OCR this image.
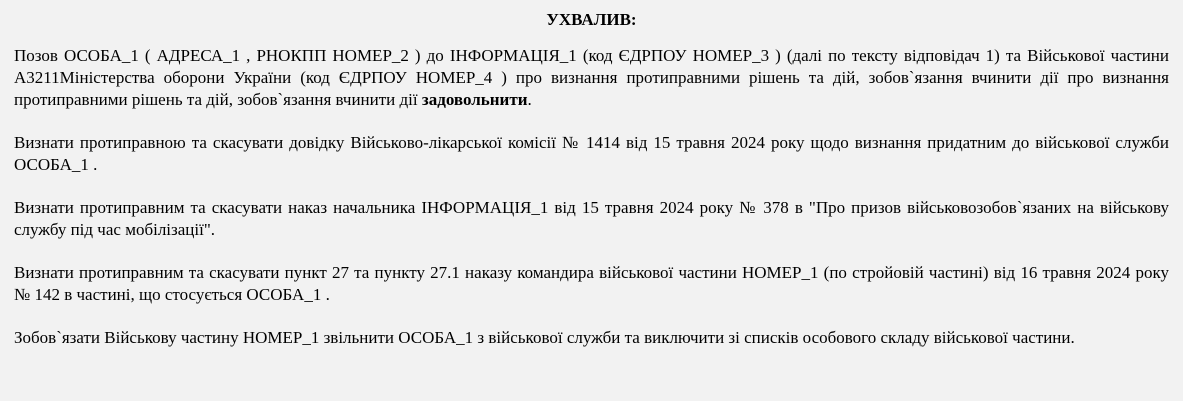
УХВАЛИВ:

Позов ОСОБА_1 ( АДРЕСА_1 , РНОКПП НОМЕР_2 ) до ІНФОРМАЦІЯ_1 (код ЄДРПОУ НОМЕР_3 ) (далі по тексту відповідач 1) та Військової частини А3211Міністерства оборони України (код ЄДРПОУ НОМЕР_4 ) про визнання протиправними рішень та дій, зобов`язання вчинити дії про визнання протиправними рішень та дій, зобов`язання вчинити дії задовольнити.

Визнати протиправною та скасувати довідку Військово-лікарської комісії № 1414 від 15 травня 2024 року щодо визнання придатним до військової служби ОСОБА_1 .

Визнати протиправним та скасувати наказ начальника ІНФОРМАЦІЯ_1 від 15 травня 2024 року № 378 в "Про призов військовозобов`язаних на військову службу під час мобілізації".

Визнати протиправним та скасувати пункт 27 та пункту 27.1 наказу командира військової частини НОМЕР_1 (по стройовій частині) від 16 травня 2024 року № 142 в частині, що стосується ОСОБА_1 .

Зобов`язати Військову частину НОМЕР_1 звільнити ОСОБА_1 з військової служби та виключити зі списків особового складу військової частини.
